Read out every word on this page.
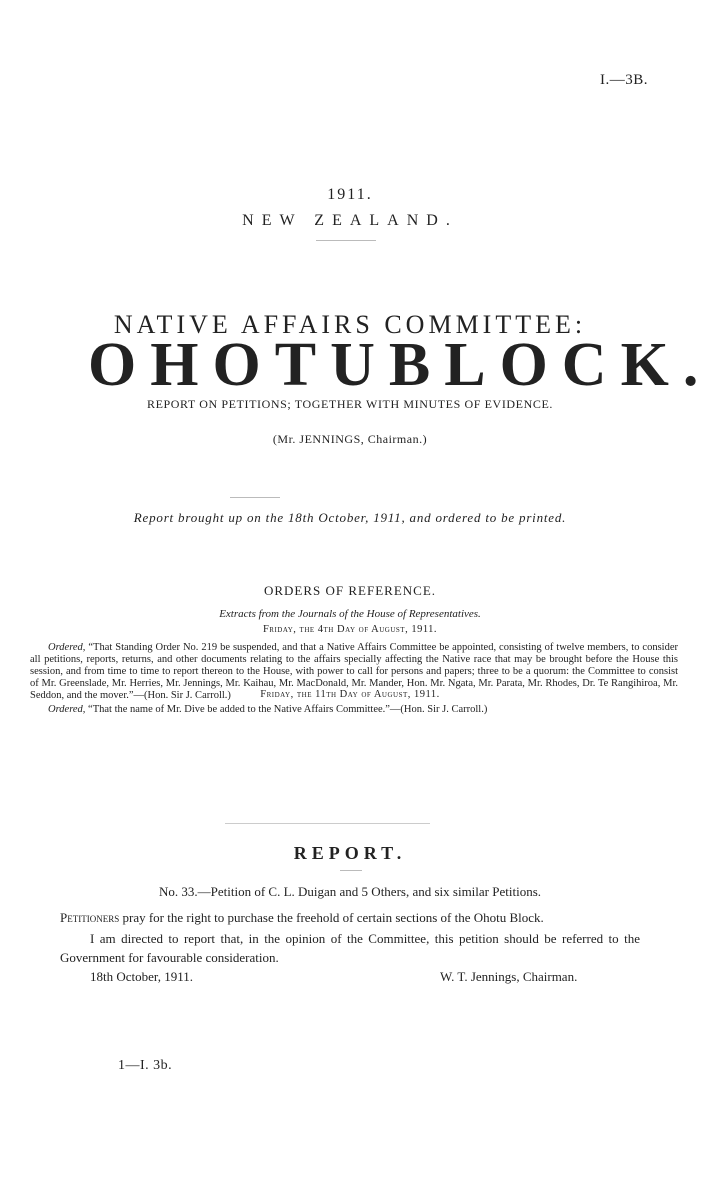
I.—3B.
1911.
NEW ZEALAND.
NATIVE AFFAIRS COMMITTEE:
O H O T U B L O C K .
REPORT ON PETITIONS; TOGETHER WITH MINUTES OF EVIDENCE.
(Mr. JENNINGS, Chairman.)
Report brought up on the 18th October, 1911, and ordered to be printed.
ORDERS OF REFERENCE.
Extracts from the Journals of the House of Representatives.
Friday, the 4th Day of August, 1911.
Ordered, “That Standing Order No. 219 be suspended, and that a Native Affairs Committee be appointed, consisting of twelve members, to consider all petitions, reports, returns, and other documents relating to the affairs specially affecting the Native race that may be brought before the House this session, and from time to time to report thereon to the House, with power to call for persons and papers; three to be a quorum: the Committee to consist of Mr. Greenslade, Mr. Herries, Mr. Jennings, Mr. Kaihau, Mr. MacDonald, Mr. Mander, Hon. Mr. Ngata, Mr. Parata, Mr. Rhodes, Dr. Te Rangihiroa, Mr. Seddon, and the mover.”—(Hon. Sir J. Carroll.)	Friday, the 11th Day of August, 1911.
Ordered, “That the name of Mr. Dive be added to the Native Affairs Committee.”—(Hon. Sir J. Carroll.)
REPORT.
No. 33.—Petition of C. L. Duigan and 5 Others, and six similar Petitions.
Petitioners pray for the right to purchase the freehold of certain sections of the Ohotu Block.
I am directed to report that, in the opinion of the Committee, this petition should be referred to the Government for favourable consideration.
18th October, 1911.	W. T. Jennings, Chairman.
1—I. 3b.
